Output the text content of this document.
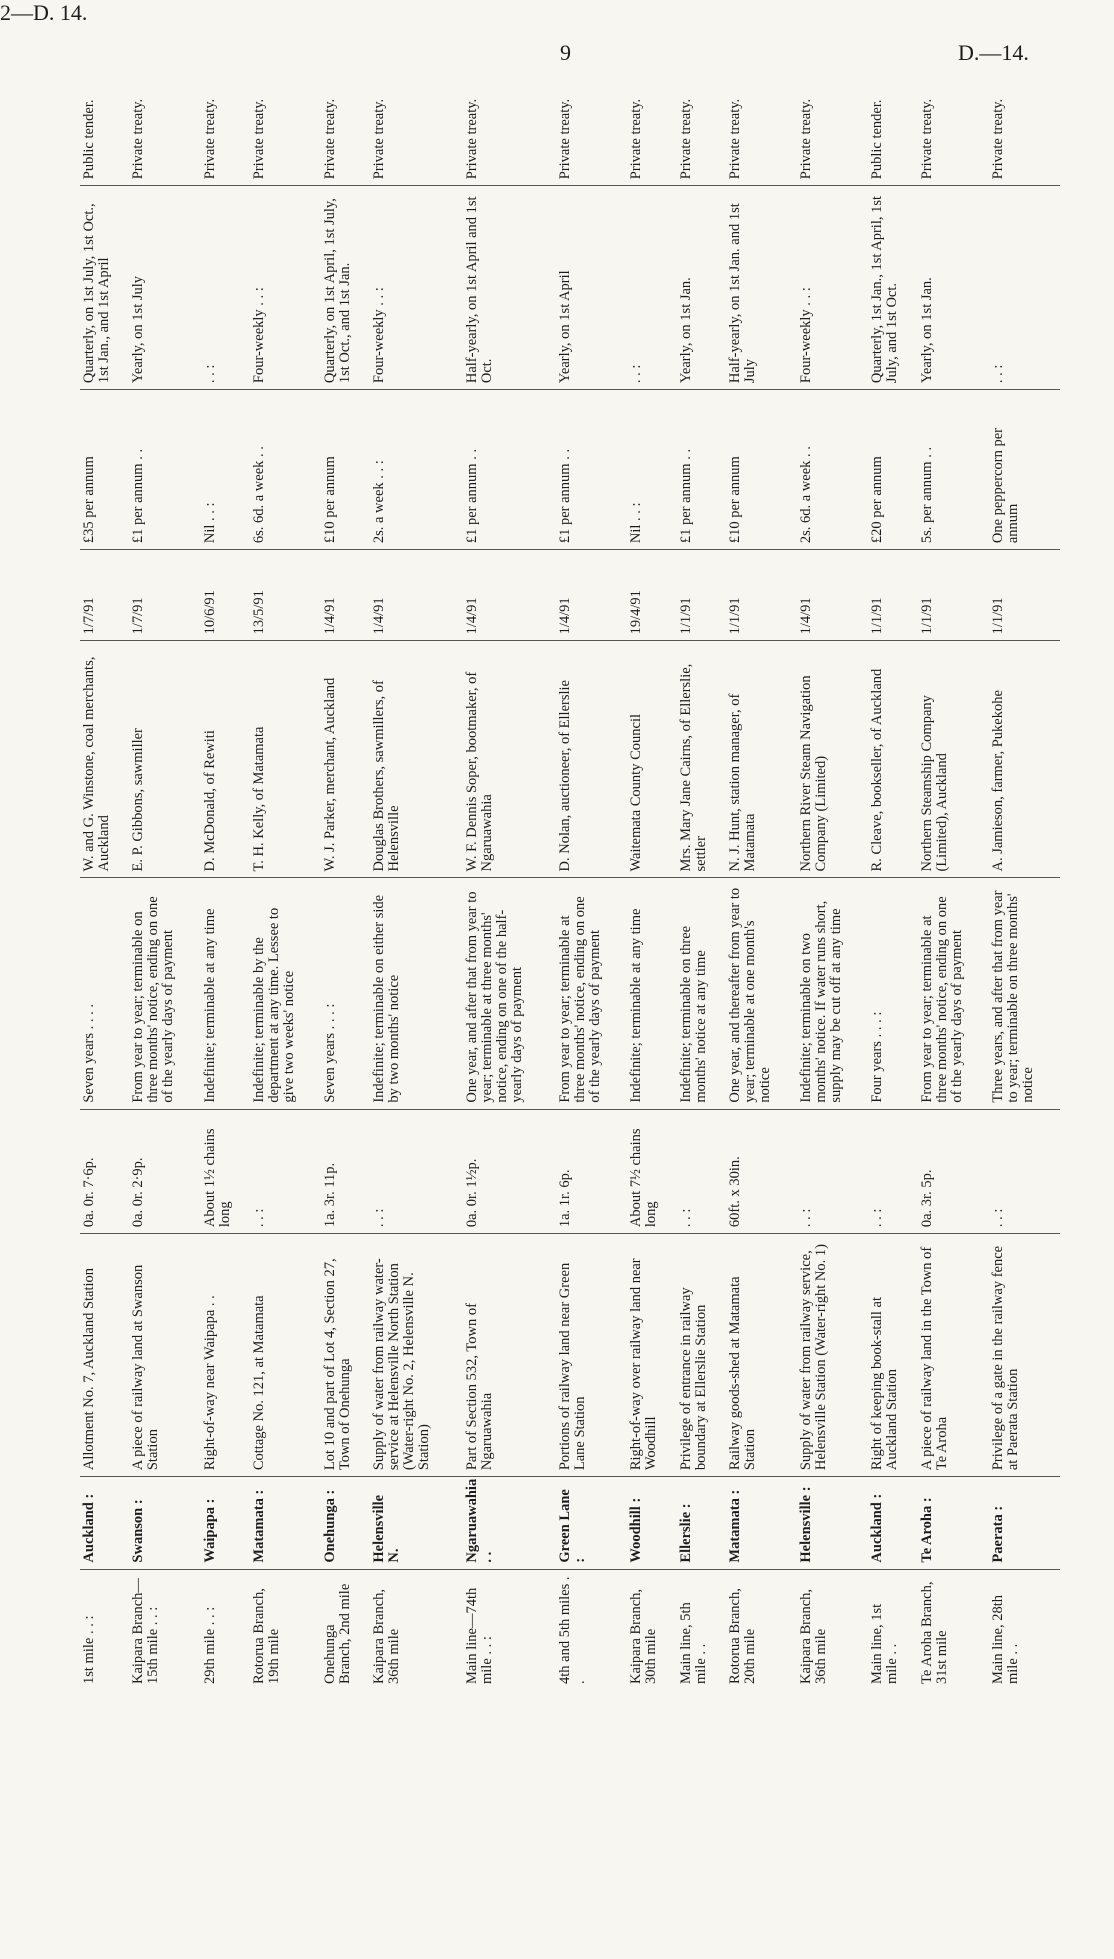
9	D.—14.
1st mile . . :	Auckland :	Allotment No. 7, Auckland Station	0a. 0r. 7·6p.	Seven years . . . .	W. and G. Winstone, coal merchants, Auckland	1/7/91	£35 per annum	Quarterly, on 1st July, 1st Oct., 1st Jan., and 1st April	Public tender.
Kaipara Branch—15th mile . . :	Swanson :	A piece of railway land at Swanson Station	0a. 0r. 2·9p.	From year to year; terminable on three months' notice, ending on one of the yearly days of payment	E. P. Gibbons, sawmiller	1/7/91	£1 per annum . .	Yearly, on 1st July	Private treaty.
29th mile . . :	Waipapa :	Right-of-way near Waipapa . .	About 1½ chains long	Indefinite; terminable at any time	D. McDonald, of Rewiti	10/6/91	Nil . . :	. . :	Private treaty.
Rotorua Branch, 19th mile	Matamata :	Cottage No. 121, at Matamata	. . :	Indefinite; terminable by the department at any time. Lessee to give two weeks' notice	T. H. Kelly, of Matamata	13/5/91	6s. 6d. a week . .	Four-weekly . . :	Private treaty.
Onehunga Branch, 2nd mile	Onehunga :	Lot 10 and part of Lot 4, Section 27, Town of Onehunga	1a. 3r. 11p.	Seven years . . . :	W. J. Parker, merchant, Auckland	1/4/91	£10 per annum	Quarterly, on 1st April, 1st July, 1st Oct., and 1st Jan.	Private treaty.
Kaipara Branch, 36th mile	Helensville N.	Supply of water from railway water-service at Helensville North Station (Water-right No. 2, Helensville N. Station)	. . :	Indefinite; terminable on either side by two months' notice	Douglas Brothers, sawmillers, of Helensville	1/4/91	2s. a week . . :	Four-weekly . . :	Private treaty.
Main line—74th mile . . :	Ngaruawahia . .	Part of Section 532, Town of Ngaruawahia	0a. 0r. 1½p.	One year, and after that from year to year; terminable at three months' notice, ending on one of the half-yearly days of payment	W. F. Dennis Soper, bootmaker, of Ngaruawahia	1/4/91	£1 per annum . .	Half-yearly, on 1st April and 1st Oct.	Private treaty.
4th and 5th miles . .	Green Lane :	Portions of railway land near Green Lane Station	1a. 1r. 6p.	From year to year; terminable at three months' notice, ending on one of the yearly days of payment	D. Nolan, auctioneer, of Ellerslie	1/4/91	£1 per annum . .	Yearly, on 1st April	Private treaty.
Kaipara Branch, 30th mile	Woodhill :	Right-of-way over railway land near Woodhill	About 7½ chains long	Indefinite; terminable at any time	Waitemata County Council	19/4/91	Nil . . :	. . :	Private treaty.
Main line, 5th mile . .	Ellerslie :	Privilege of entrance in railway boundary at Ellerslie Station	. . :	Indefinite; terminable on three months' notice at any time	Mrs. Mary Jane Cairns, of Ellerslie, settler	1/1/91	£1 per annum . .	Yearly, on 1st Jan.	Private treaty.
Rotorua Branch, 20th mile	Matamata :	Railway goods-shed at Matamata Station	60ft. x 30in.	One year, and thereafter from year to year; terminable at one month's notice	N. J. Hunt, station manager, of Matamata	1/1/91	£10 per annum	Half-yearly, on 1st Jan. and 1st July	Private treaty.
Kaipara Branch, 36th mile	Helensville :	Supply of water from railway service, Helensville Station (Water-right No. 1)	. . :	Indefinite; terminable on two months' notice. If water runs short, supply may be cut off at any time	Northern River Steam Navigation Company (Limited)	1/4/91	2s. 6d. a week . .	Four-weekly . . :	Private treaty.
Main line, 1st mile . .	Auckland :	Right of keeping book-stall at Auckland Station	. . :	Four years . . . :	R. Cleave, bookseller, of Auckland	1/1/91	£20 per annum	Quarterly, 1st Jan., 1st April, 1st July, and 1st Oct.	Public tender.
Te Aroha Branch, 31st mile	Te Aroha :	A piece of railway land in the Town of Te Aroha	0a. 3r. 5p.	From year to year; terminable at three months' notice, ending on one of the yearly days of payment	Northern Steamship Company (Limited), Auckland	1/1/91	5s. per annum . .	Yearly, on 1st Jan.	Private treaty.
Main line, 28th mile . .	Paerata :	Privilege of a gate in the railway fence at Paerata Station	. . :	Three years, and after that from year to year; terminable on three months' notice	A. Jamieson, farmer, Pukekohe	1/1/91	One peppercorn per annum	. . :	Private treaty.
2—D. 14.
